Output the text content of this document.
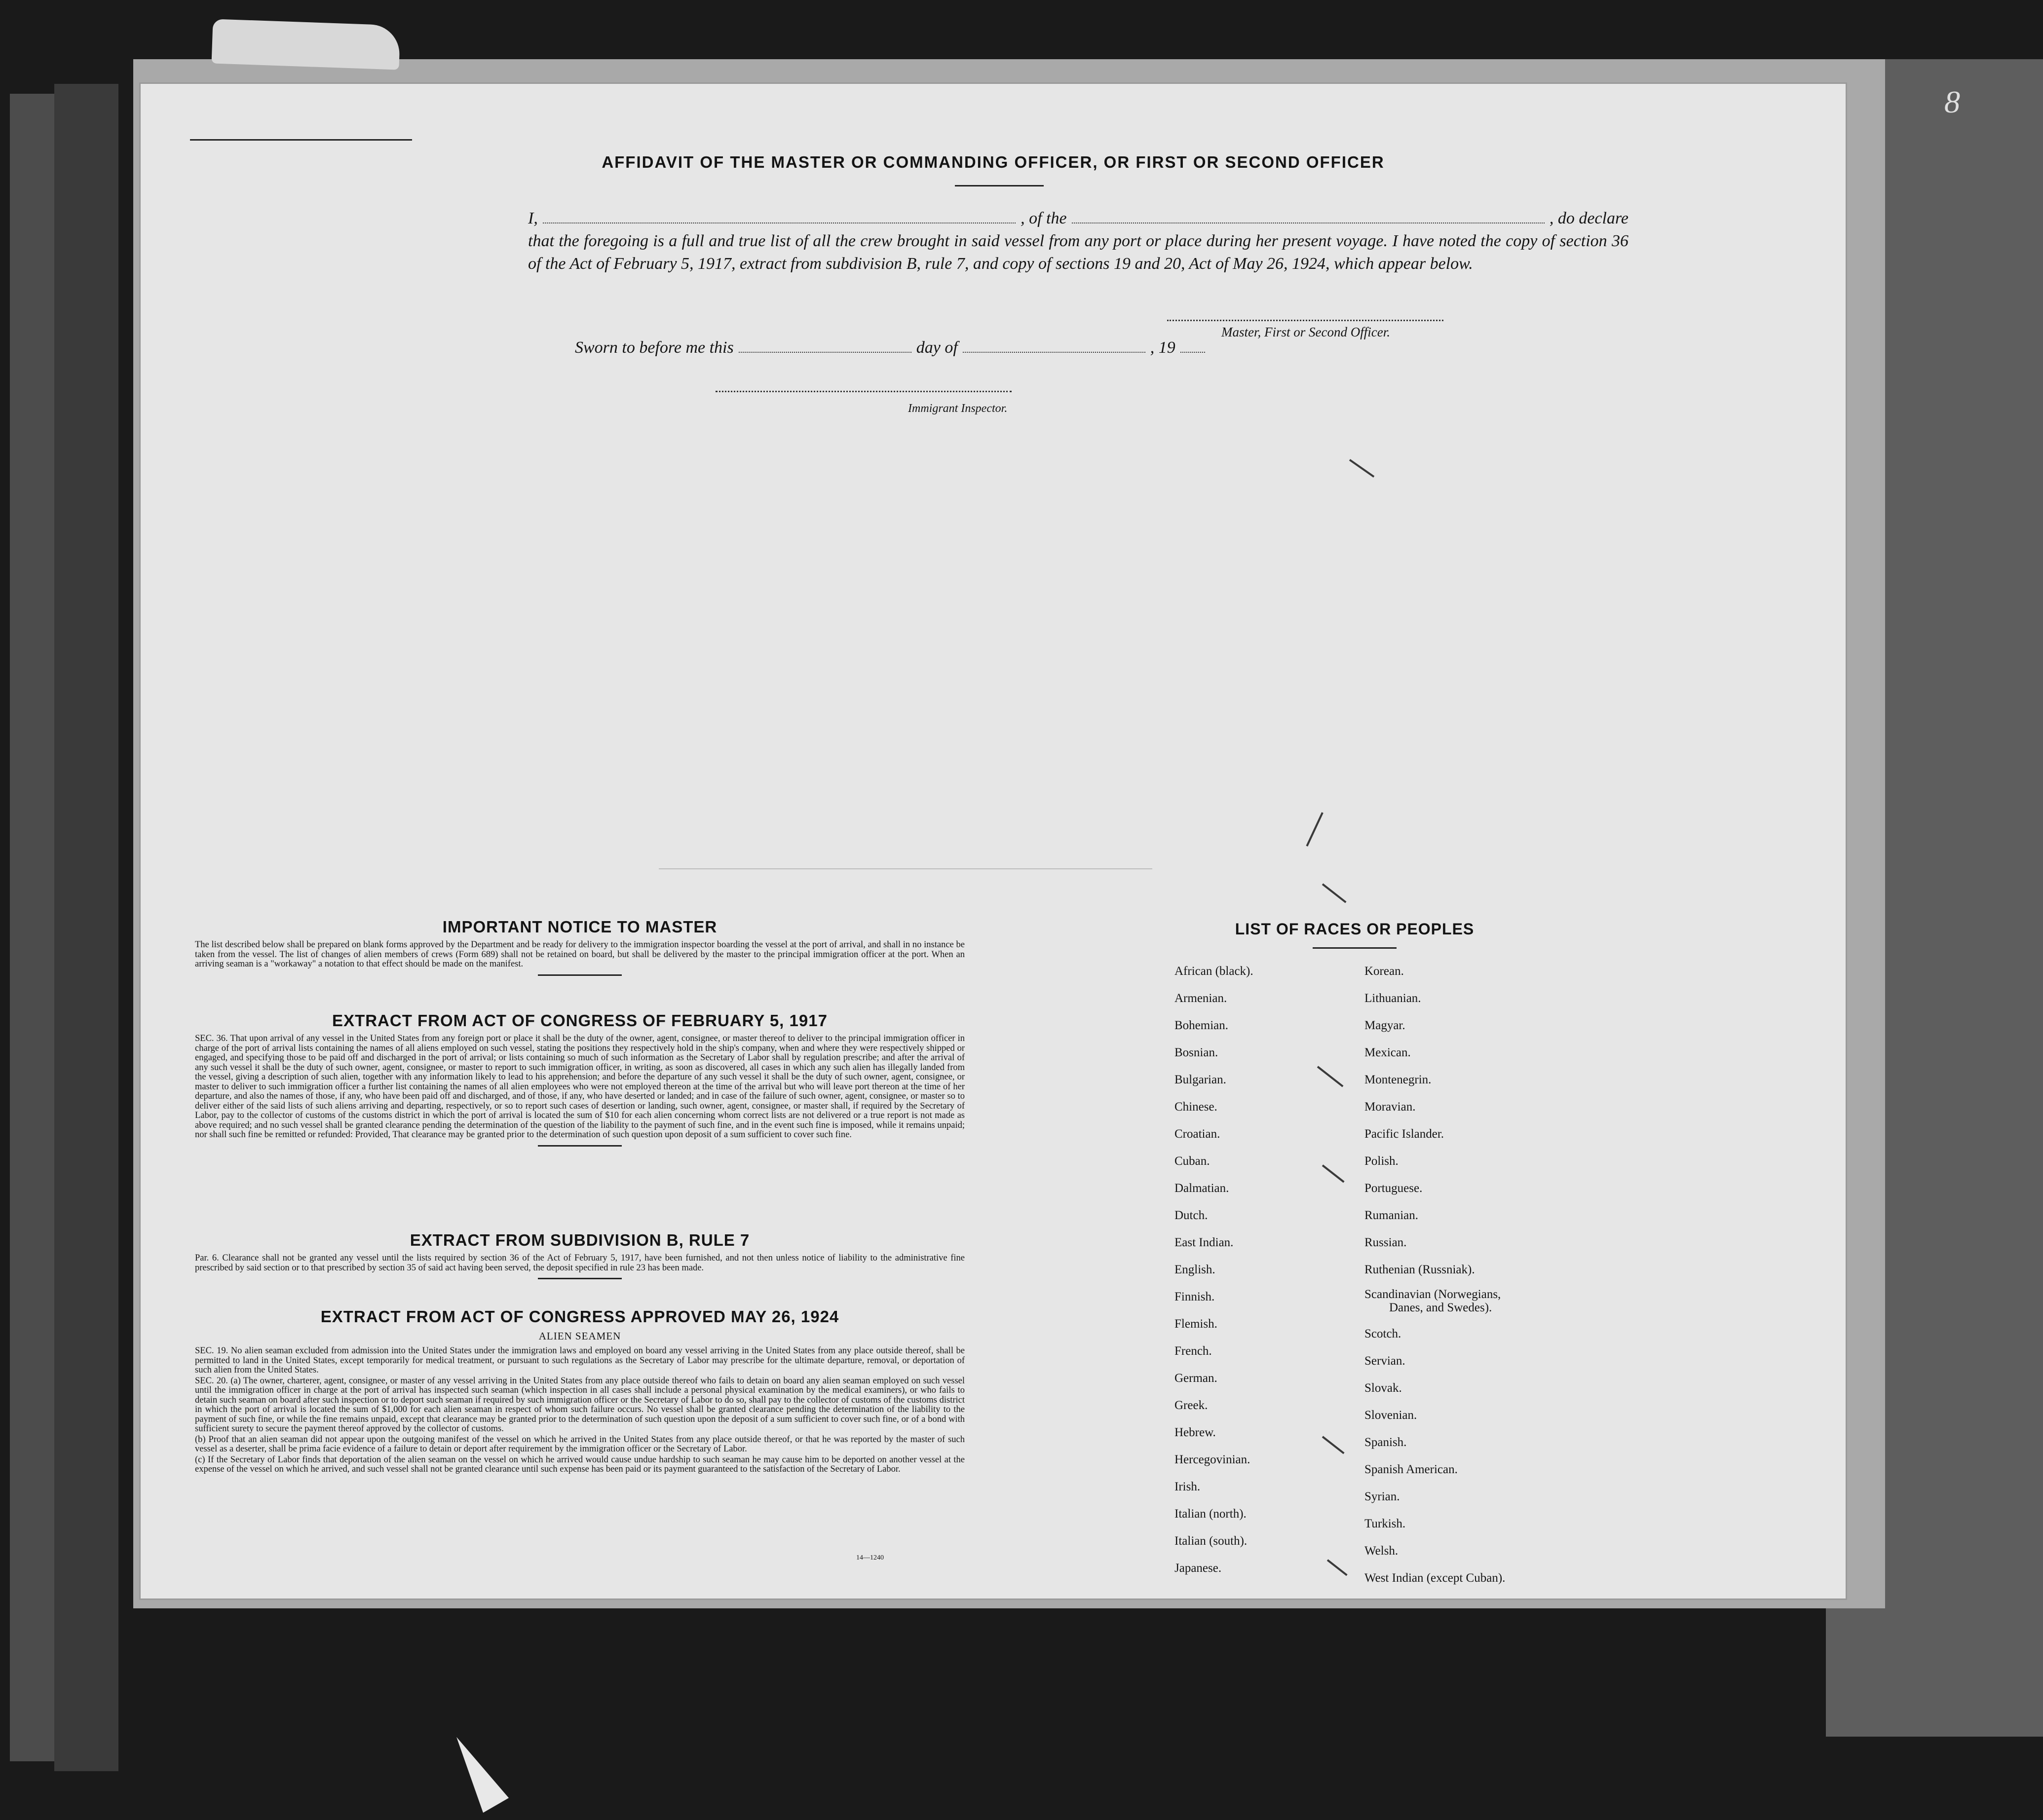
8
AFFIDAVIT OF THE MASTER OR COMMANDING OFFICER, OR FIRST OR SECOND OFFICER
I,	, of the	, do declare
that the foregoing is a full and true list of all the crew brought in said vessel from any port or place during her present voyage. I have noted the copy of section 36 of the Act of February 5, 1917, extract from subdivision B, rule 7, and copy of sections 19 and 20, Act of May 26, 1924, which appear below.
Master, First or Second Officer.
Sworn to before me this	day of	, 19
Immigrant Inspector.
IMPORTANT NOTICE TO MASTER
The list described below shall be prepared on blank forms approved by the Department and be ready for delivery to the immigration inspector boarding the vessel at the port of arrival, and shall in no instance be taken from the vessel. The list of changes of alien members of crews (Form 689) shall not be retained on board, but shall be delivered by the master to the principal immigration officer at the port. When an arriving seaman is a "workaway" a notation to that effect should be made on the manifest.
EXTRACT FROM ACT OF CONGRESS OF FEBRUARY 5, 1917
SEC. 36. That upon arrival of any vessel in the United States from any foreign port or place it shall be the duty of the owner, agent, consignee, or master thereof to deliver to the principal immigration officer in charge of the port of arrival lists containing the names of all aliens employed on such vessel, stating the positions they respectively hold in the ship's company, when and where they were respectively shipped or engaged, and specifying those to be paid off and discharged in the port of arrival; or lists containing so much of such information as the Secretary of Labor shall by regulation prescribe; and after the arrival of any such vessel it shall be the duty of such owner, agent, consignee, or master to report to such immigration officer, in writing, as soon as discovered, all cases in which any such alien has illegally landed from the vessel, giving a description of such alien, together with any information likely to lead to his apprehension; and before the departure of any such vessel it shall be the duty of such owner, agent, consignee, or master to deliver to such immigration officer a further list containing the names of all alien employees who were not employed thereon at the time of the arrival but who will leave port thereon at the time of her departure, and also the names of those, if any, who have been paid off and discharged, and of those, if any, who have deserted or landed; and in case of the failure of such owner, agent, consignee, or master so to deliver either of the said lists of such aliens arriving and departing, respectively, or so to report such cases of desertion or landing, such owner, agent, consignee, or master shall, if required by the Secretary of Labor, pay to the collector of customs of the customs district in which the port of arrival is located the sum of $10 for each alien concerning whom correct lists are not delivered or a true report is not made as above required; and no such vessel shall be granted clearance pending the determination of the question of the liability to the payment of such fine, and in the event such fine is imposed, while it remains unpaid; nor shall such fine be remitted or refunded: Provided, That clearance may be granted prior to the determination of such question upon deposit of a sum sufficient to cover such fine.
EXTRACT FROM SUBDIVISION B, RULE 7
Par. 6. Clearance shall not be granted any vessel until the lists required by section 36 of the Act of February 5, 1917, have been furnished, and not then unless notice of liability to the administrative fine prescribed by said section or to that prescribed by section 35 of said act having been served, the deposit specified in rule 23 has been made.
EXTRACT FROM ACT OF CONGRESS APPROVED MAY 26, 1924
ALIEN SEAMEN
SEC. 19. No alien seaman excluded from admission into the United States under the immigration laws and employed on board any vessel arriving in the United States from any place outside thereof, shall be permitted to land in the United States, except temporarily for medical treatment, or pursuant to such regulations as the Secretary of Labor may prescribe for the ultimate departure, removal, or deportation of such alien from the United States.
SEC. 20. (a) The owner, charterer, agent, consignee, or master of any vessel arriving in the United States from any place outside thereof who fails to detain on board any alien seaman employed on such vessel until the immigration officer in charge at the port of arrival has inspected such seaman (which inspection in all cases shall include a personal physical examination by the medical examiners), or who fails to detain such seaman on board after such inspection or to deport such seaman if required by such immigration officer or the Secretary of Labor to do so, shall pay to the collector of customs of the customs district in which the port of arrival is located the sum of $1,000 for each alien seaman in respect of whom such failure occurs. No vessel shall be granted clearance pending the determination of the liability to the payment of such fine, or while the fine remains unpaid, except that clearance may be granted prior to the determination of such question upon the deposit of a sum sufficient to cover such fine, or of a bond with sufficient surety to secure the payment thereof approved by the collector of customs.
(b) Proof that an alien seaman did not appear upon the outgoing manifest of the vessel on which he arrived in the United States from any place outside thereof, or that he was reported by the master of such vessel as a deserter, shall be prima facie evidence of a failure to detain or deport after requirement by the immigration officer or the Secretary of Labor.
(c) If the Secretary of Labor finds that deportation of the alien seaman on the vessel on which he arrived would cause undue hardship to such seaman he may cause him to be deported on another vessel at the expense of the vessel on which he arrived, and such vessel shall not be granted clearance until such expense has been paid or its payment guaranteed to the satisfaction of the Secretary of Labor.
14—1240
LIST OF RACES OR PEOPLES
African (black).
Armenian.
Bohemian.
Bosnian.
Bulgarian.
Chinese.
Croatian.
Cuban.
Dalmatian.
Dutch.
East Indian.
English.
Finnish.
Flemish.
French.
German.
Greek.
Hebrew.
Hercegovinian.
Irish.
Italian (north).
Italian (south).
Japanese.
Korean.
Lithuanian.
Magyar.
Mexican.
Montenegrin.
Moravian.
Pacific Islander.
Polish.
Portuguese.
Rumanian.
Russian.
Ruthenian (Russniak).
Scandinavian (Norwegians,
Danes, and Swedes).
Scotch.
Servian.
Slovak.
Slovenian.
Spanish.
Spanish American.
Syrian.
Turkish.
Welsh.
West Indian (except Cuban).
